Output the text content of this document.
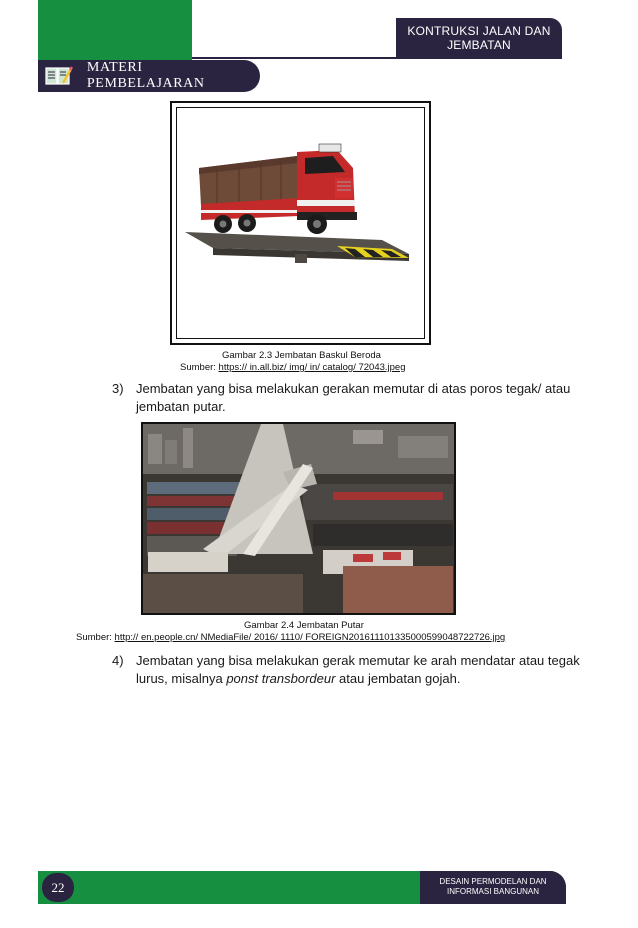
KONTRUKSI JALAN DAN
JEMBATAN
MATERI PEMBELAJARAN
Gambar 2.3 Jembatan Baskul Beroda
Sumber: https:// in.all.biz/ img/ in/ catalog/ 72043.jpeg
3) Jembatan yang bisa melakukan gerakan memutar di atas poros tegak/ atau jembatan putar.
Gambar 2.4 Jembatan Putar
Sumber: http:// en.people.cn/ NMediaFile/ 2016/ 1110/ FOREIGN201611101335000599048722726.jpg
4) Jembatan yang bisa melakukan gerak memutar ke arah mendatar atau tegak lurus, misalnya ponst transbordeur atau jembatan gojah.
22	DESAIN PERMODELAN DAN
INFORMASI BANGUNAN
